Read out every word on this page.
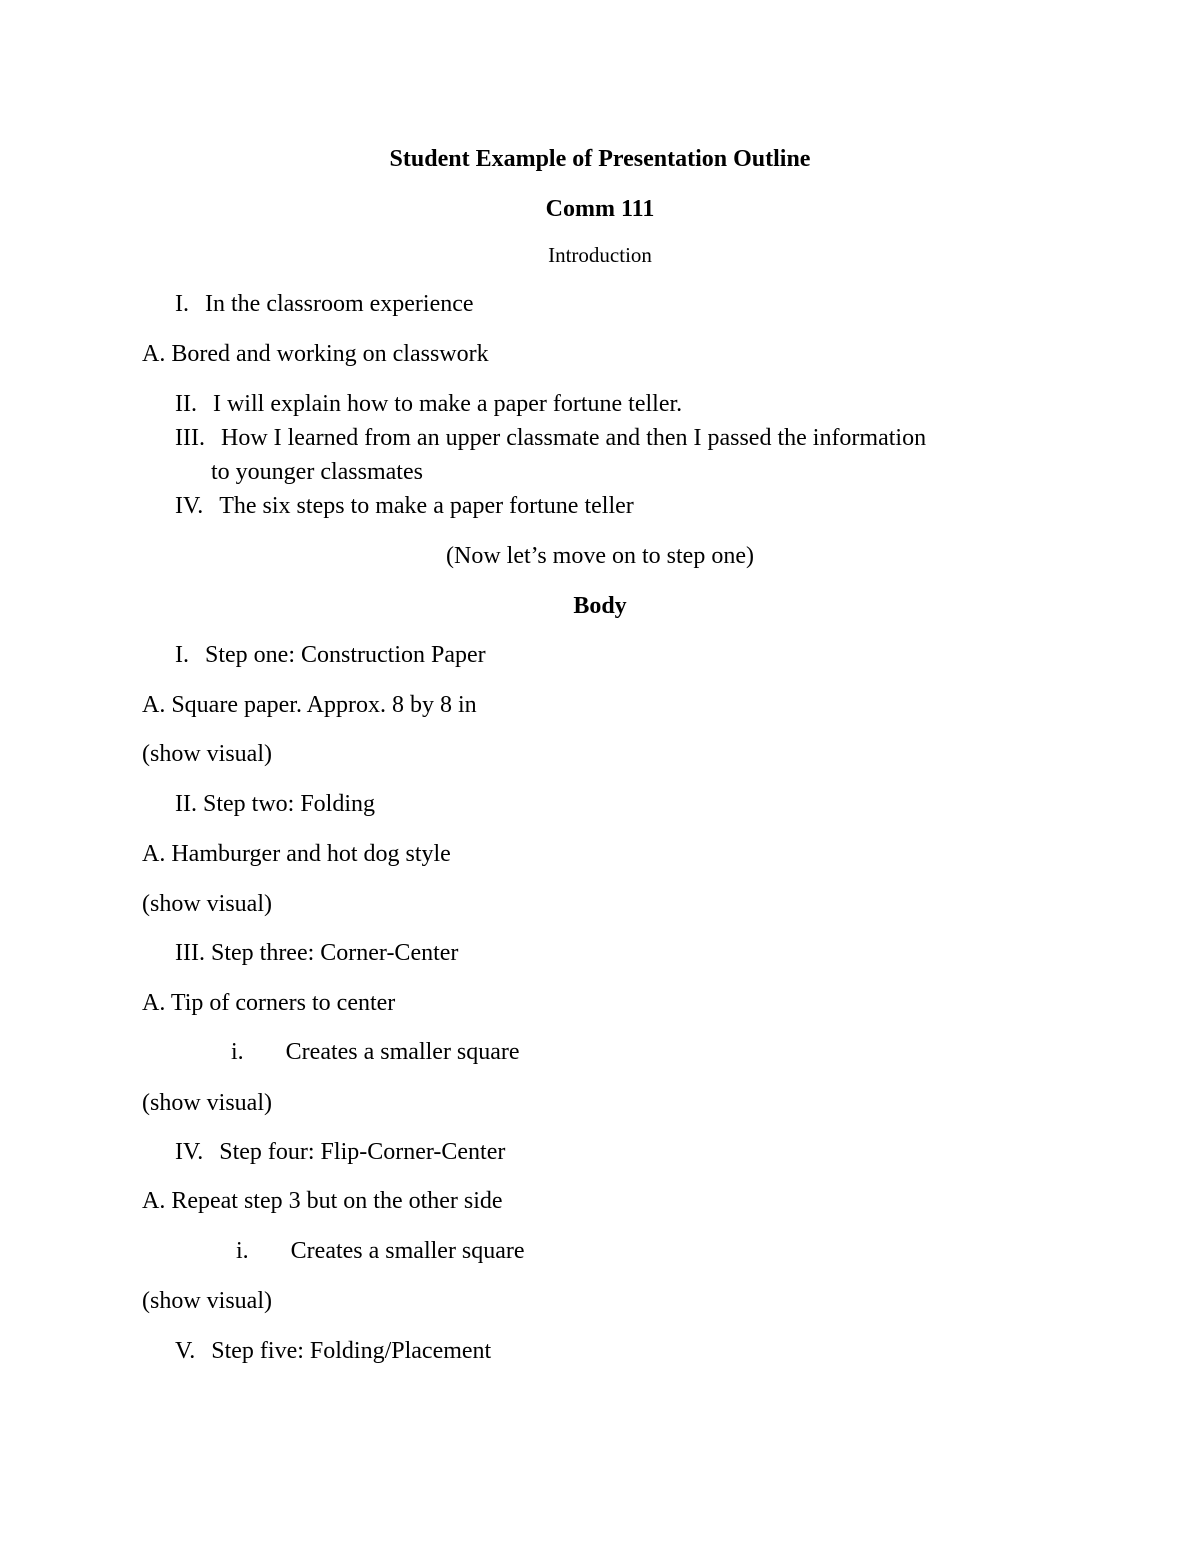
Student Example of Presentation Outline
Comm 111
Introduction
I. In the classroom experience
A. Bored and working on classwork
II. I will explain how to make a paper fortune teller.
III. How I learned from an upper classmate and then I passed the information
to younger classmates
IV. The six steps to make a paper fortune teller
(Now let’s move on to step one)
Body
I. Step one: Construction Paper
A. Square paper. Approx. 8 by 8 in
(show visual)
II. Step two: Folding
A. Hamburger and hot dog style
(show visual)
III. Step three: Corner-Center
A. Tip of corners to center
i. Creates a smaller square
(show visual)
IV. Step four: Flip-Corner-Center
A. Repeat step 3 but on the other side
i. Creates a smaller square
(show visual)
V. Step five: Folding/Placement
